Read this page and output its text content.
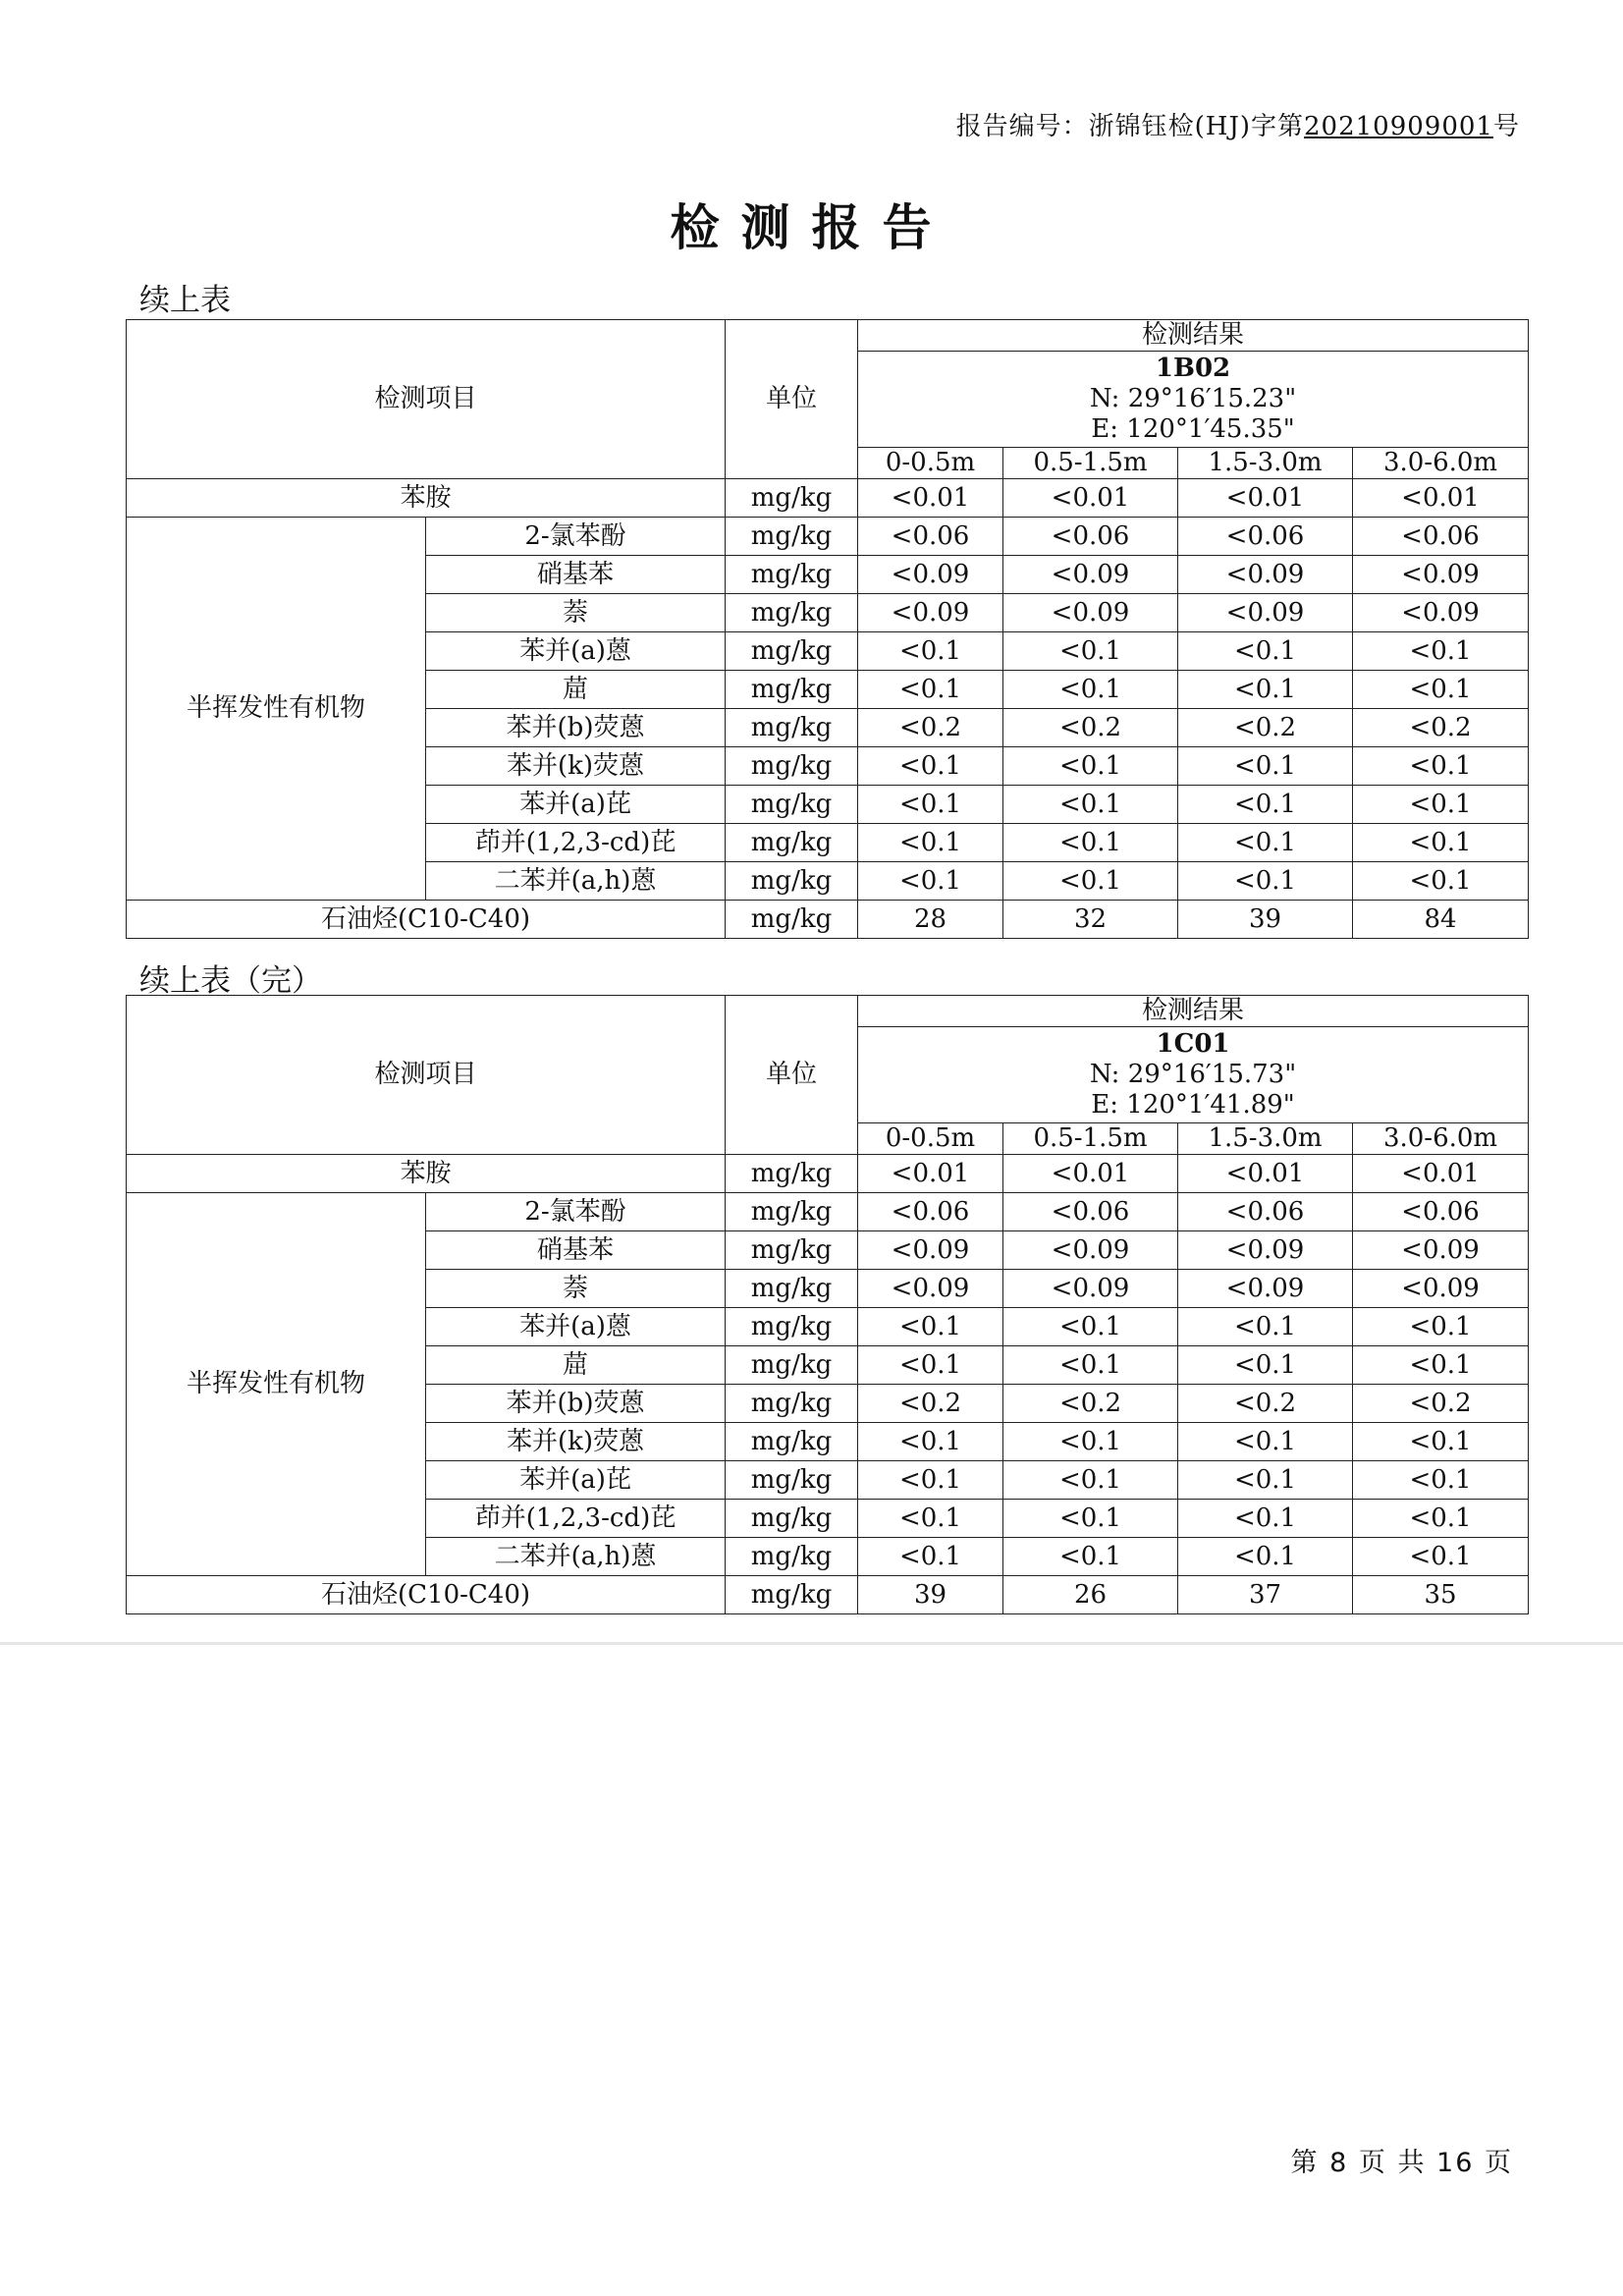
报告编号：浙锦钰检(HJ)字第20210909001号
检测报告
续上表
检测项目		单位	检测结果			

			1B02
N: 29°16′15.23"
E: 120°1′45.35"			

			0-0.5m	0.5-1.5m	1.5-3.0m	3.0-6.0m

苯胺		mg/kg	<0.01	<0.01	<0.01	<0.01
半挥发性有机物	2-氯苯酚	mg/kg	<0.06	<0.06	<0.06	<0.06
	硝基苯	mg/kg	<0.09	<0.09	<0.09	<0.09
	萘	mg/kg	<0.09	<0.09	<0.09	<0.09
	苯并(a)蒽	mg/kg	<0.1	<0.1	<0.1	<0.1
	䓛	mg/kg	<0.1	<0.1	<0.1	<0.1
	苯并(b)荧蒽	mg/kg	<0.2	<0.2	<0.2	<0.2
	苯并(k)荧蒽	mg/kg	<0.1	<0.1	<0.1	<0.1
	苯并(a)芘	mg/kg	<0.1	<0.1	<0.1	<0.1
	茚并(1,2,3-cd)芘	mg/kg	<0.1	<0.1	<0.1	<0.1
	二苯并(a,h)蒽	mg/kg	<0.1	<0.1	<0.1	<0.1
石油烃(C10-C40)		mg/kg	28	32	39	84
续上表（完）
检测项目		单位	检测结果			

			1C01
N: 29°16′15.73"
E: 120°1′41.89"			

			0-0.5m	0.5-1.5m	1.5-3.0m	3.0-6.0m

苯胺		mg/kg	<0.01	<0.01	<0.01	<0.01
半挥发性有机物	2-氯苯酚	mg/kg	<0.06	<0.06	<0.06	<0.06
	硝基苯	mg/kg	<0.09	<0.09	<0.09	<0.09
	萘	mg/kg	<0.09	<0.09	<0.09	<0.09
	苯并(a)蒽	mg/kg	<0.1	<0.1	<0.1	<0.1
	䓛	mg/kg	<0.1	<0.1	<0.1	<0.1
	苯并(b)荧蒽	mg/kg	<0.2	<0.2	<0.2	<0.2
	苯并(k)荧蒽	mg/kg	<0.1	<0.1	<0.1	<0.1
	苯并(a)芘	mg/kg	<0.1	<0.1	<0.1	<0.1
	茚并(1,2,3-cd)芘	mg/kg	<0.1	<0.1	<0.1	<0.1
	二苯并(a,h)蒽	mg/kg	<0.1	<0.1	<0.1	<0.1
石油烃(C10-C40)		mg/kg	39	26	37	35
第 8 页 共 16 页
